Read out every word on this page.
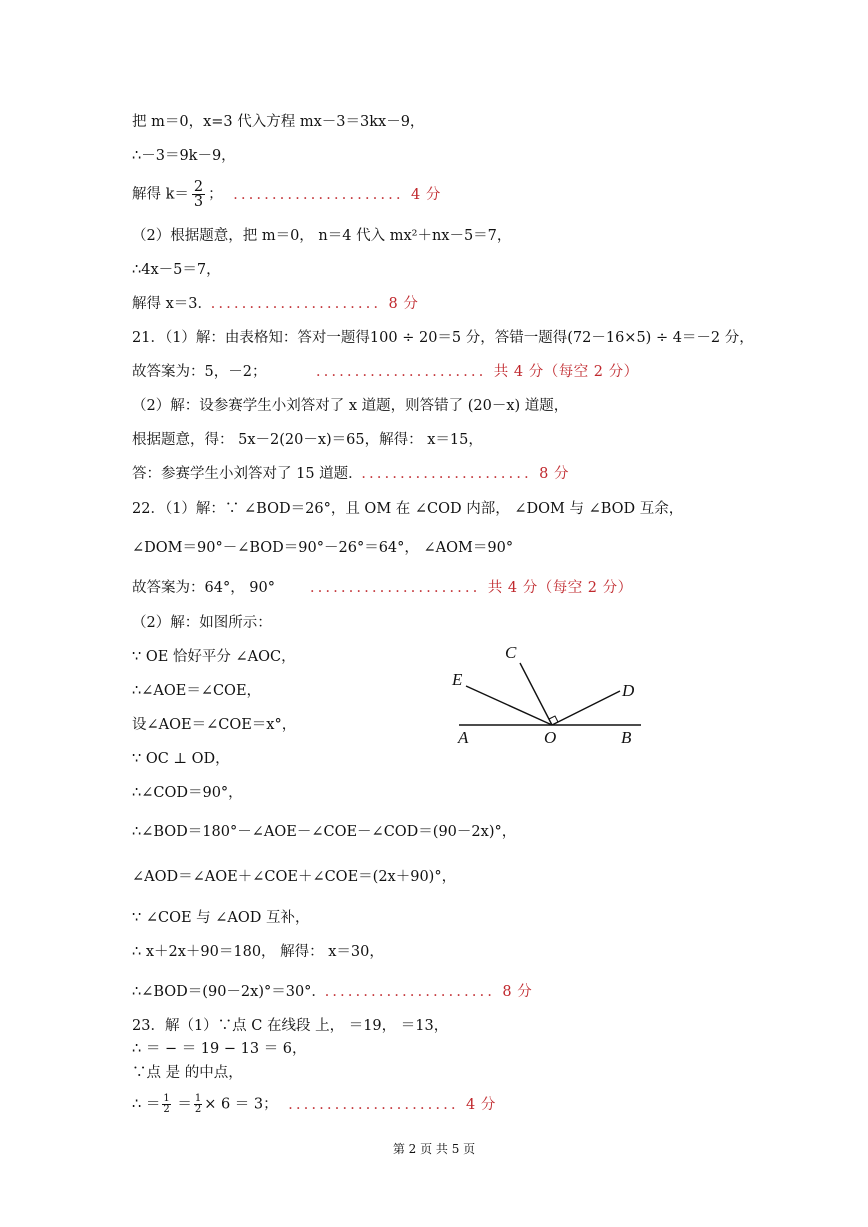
把 m＝0，x=3 代入方程 mx－3＝3kx－9，
∴－3＝9k－9，
解得 $k= \frac{2}{3}$ ； ．．．．．．．．．．．．．．．．．．．．．．4 分
（2）根据题意，把 m＝0， n＝4 代入 mx²＋nx－5＝7，
∴4x－5＝7，
解得 x＝3． ．．．．．．．．．．．．．．．．．．．．．．8 分
21．（1）解：由表格知：答对一题得100 ÷ 20＝5 分，答错一题得(72－16×5) ÷ 4＝－2 分，
故答案为：5，－2；	．．．．．．．．．．．．．．．．．．．．．．共 4 分（每空 2 分）
（2）解：设参赛学生小刘答对了 x 道题，则答错了 (20－x) 道题，
根据题意，得： 5x－2(20－x)＝65，解得： x＝15，
答：参赛学生小刘答对了 15 道题． ．．．．．．．．．．．．．．．．．．．．．．8 分
22．（1）解：∵ ∠BOD＝26°，且 OM 在 ∠COD 内部， ∠DOM 与 ∠BOD 互余，
∠DOM＝90°－∠BOD＝90°－26°＝64°， ∠AOM＝90°
故答案为：64°， 90° ．．．．．．．．．．．．．．．．．．．．．．共 4 分（每空 2 分）
（2）解：如图所示：
∵ OE 恰好平分 ∠AOC，
∴∠AOE＝∠COE，
设∠AOE＝∠COE＝x°，
∵ OC ⊥ OD，
∴∠COD＝90°，
∴∠BOD＝180°－∠AOE－∠COE－∠COD＝(90－2x)°，
∠AOD＝∠AOE＋∠COE＋∠COE＝(2x＋90)°，
∵ ∠COE 与 ∠AOD 互补，
∴ x＋2x＋90＝180， 解得： x＝30，
∴∠BOD＝(90－2x)°＝30°． ．．．．．．．．．．．．．．．．．．．．．．8 分
23．解（1）∵点 C 在线段 上， ＝19， ＝13，
∴ ＝ − ＝ 19 − 13 ＝ 6，
∵点 是 的中点，
∴ ＝ $\frac{1}{2} = \frac{1}{2} \times 6 = 3$； ．．．．．．．．．．．．．．．．．．．．．．4 分
A	O	B
C
D
E
第 2 页 共 5 页
